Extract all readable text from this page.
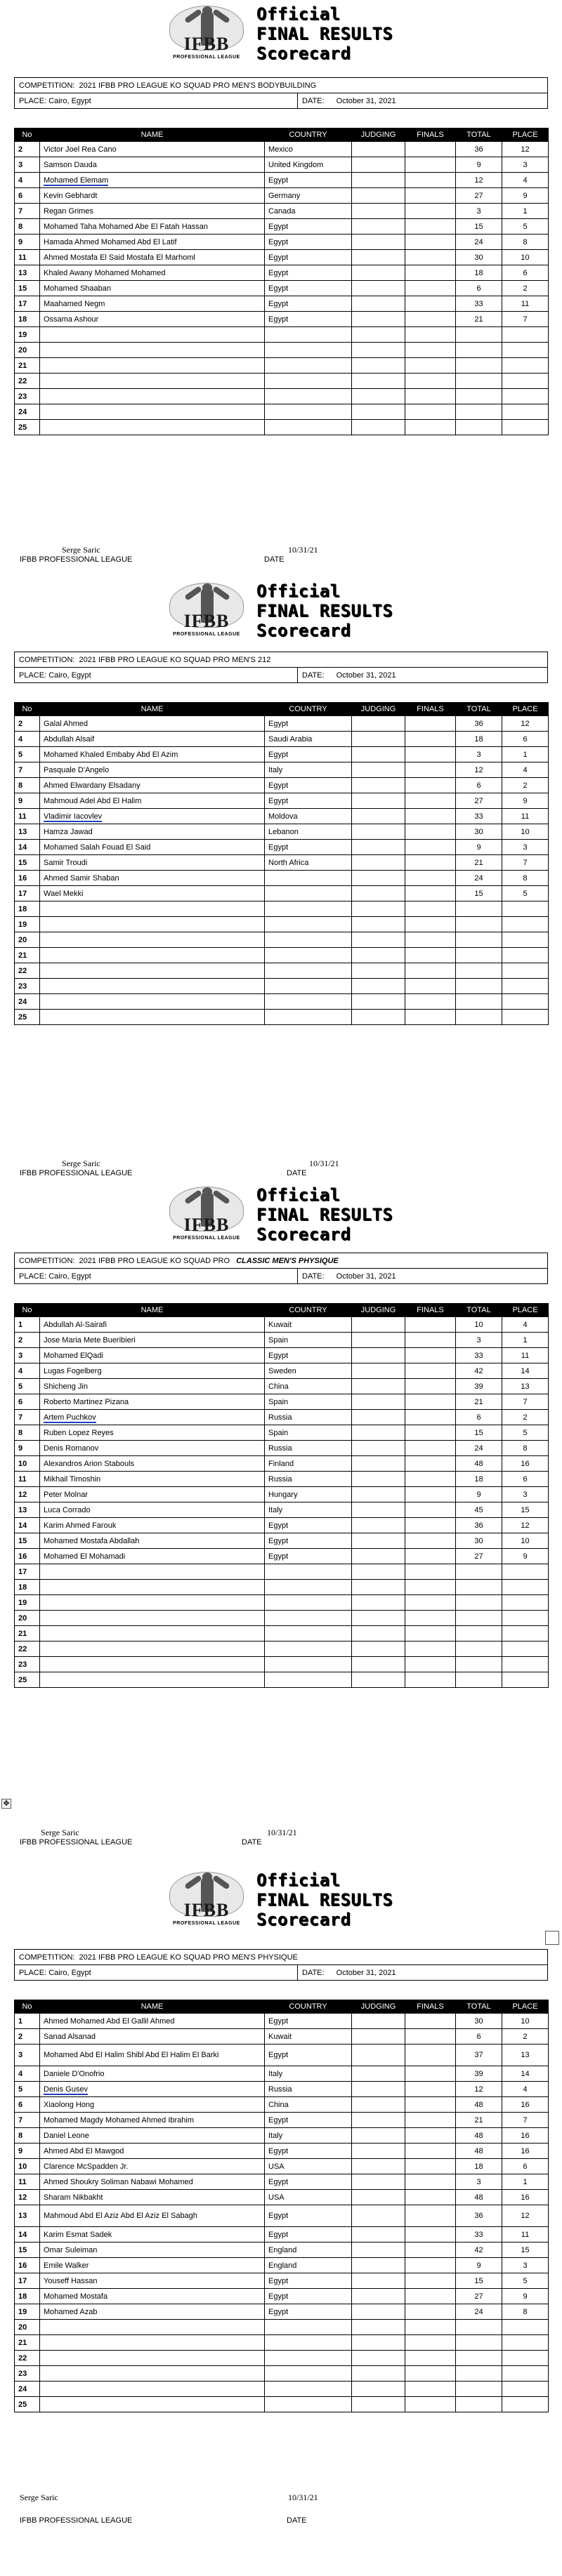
IFBB
PROFESSIONAL LEAGUE
Official
FINAL RESULTS
Scorecard
COMPETITION: 2021 IFBB PRO LEAGUE KO SQUAD PRO MEN'S BODYBUILDING
PLACE: Cairo, Egypt	DATE: October 31, 2021
No	NAME	COUNTRY	JUDGING	FINALS	TOTAL	PLACE
2	Victor Joel Rea Cano	Mexico			36	12
3	Samson Dauda	United Kingdom			9	3
4	Mohamed Elemam	Egypt			12	4
6	Kevin Gebhardt	Germany			27	9
7	Regan Grimes	Canada			3	1
8	Mohamed Taha Mohamed Abe El Fatah Hassan	Egypt			15	5
9	Hamada Ahmed Mohamed Abd El Latif	Egypt			24	8
11	Ahmed Mostafa El Said Mostafa El Marhoml	Egypt			30	10
13	Khaled Awany Mohamed Mohamed	Egypt			18	6
15	Mohamed Shaaban	Egypt			6	2
17	Maahamed Negm	Egypt			33	11
18	Ossama Ashour	Egypt			21	7
19						
20						
21						
22						
23						
24						
25						
Serge Saric	10/31/21
IFBB PROFESSIONAL LEAGUE	DATE
IFBB
PROFESSIONAL LEAGUE
Official
FINAL RESULTS
Scorecard
COMPETITION: 2021 IFBB PRO LEAGUE KO SQUAD PRO MEN'S 212
PLACE: Cairo, Egypt	DATE: October 31, 2021
No	NAME	COUNTRY	JUDGING	FINALS	TOTAL	PLACE
2	Galal Ahmed	Egypt			36	12
4	Abdullah Alsaif	Saudi Arabia			18	6
5	Mohamed Khaled Embaby Abd El Azim	Egypt			3	1
7	Pasquale D'Angelo	Italy			12	4
8	Ahmed Elwardany Elsadany	Egypt			6	2
9	Mahmoud Adel Abd El Halim	Egypt			27	9
11	Vladimir Iacovlev	Moldova			33	11
13	Hamza Jawad	Lebanon			30	10
14	Mohamed Salah Fouad El Said	Egypt			9	3
15	Samir Troudi	North Africa			21	7
16	Ahmed Samir Shaban				24	8
17	Wael Mekki				15	5
18						
19						
20						
21						
22						
23						
24						
25						
Serge Saric	10/31/21
IFBB PROFESSIONAL LEAGUE	DATE
IFBB
PROFESSIONAL LEAGUE
Official
FINAL RESULTS
Scorecard
COMPETITION: 2021 IFBB PRO LEAGUE KO SQUAD PRO CLASSIC MEN'S PHYSIQUE
PLACE: Cairo, Egypt	DATE: October 31, 2021
No	NAME	COUNTRY	JUDGING	FINALS	TOTAL	PLACE
1	Abdullah Al-Sairafi	Kuwait			10	4
2	Jose Maria Mete Bueribieri	Spain			3	1
3	Mohamed ElQadi	Egypt			33	11
4	Lugas Fogelberg	Sweden			42	14
5	Shicheng Jin	China			39	13
6	Roberto Martinez Pizana	Spain			21	7
7	Artem Puchkov	Russia			6	2
8	Ruben Lopez Reyes	Spain			15	5
9	Denis Romanov	Russia			24	8
10	Alexandros Arion Stabouls	Finland			48	16
11	Mikhail Timoshin	Russia			18	6
12	Peter Molnar	Hungary			9	3
13	Luca Corrado	Italy			45	15
14	Karim Ahmed Farouk	Egypt			36	12
15	Mohamed Mostafa Abdallah	Egypt			30	10
16	Mohamed El Mohamadi	Egypt			27	9
17						
18						
19						
20						
21						
22						
23						
25						
✥
Serge Saric	10/31/21
IFBB PROFESSIONAL LEAGUE	DATE
IFBB
PROFESSIONAL LEAGUE
Official
FINAL RESULTS
Scorecard
COMPETITION: 2021 IFBB PRO LEAGUE KO SQUAD PRO MEN'S PHYSIQUE
PLACE: Cairo, Egypt	DATE: October 31, 2021
No	NAME	COUNTRY	JUDGING	FINALS	TOTAL	PLACE
1	Ahmed Mohamed Abd El Gallil Ahmed	Egypt			30	10
2	Sanad Alsanad	Kuwait			6	2
3	Mohamed Abd El Halim Shibl Abd El Halim El Barki	Egypt			37	13
4	Daniele D'Onofrio	Italy			39	14
5	Denis Gusev	Russia			12	4
6	Xiaolong Hong	China			48	16
7	Mohamed Magdy Mohamed Ahmed Ibrahim	Egypt			21	7
8	Daniel Leone	Italy			48	16
9	Ahmed Abd El Mawgod	Egypt			48	16
10	Clarence McSpadden Jr.	USA			18	6
11	Ahmed Shoukry Soliman Nabawi Mohamed	Egypt			3	1
12	Sharam Nikbakht	USA			48	16
13	Mahmoud Abd El Aziz Abd El Aziz El Sabagh	Egypt			36	12
14	Karim Esmat Sadek	Egypt			33	11
15	Omar Suleiman	England			42	15
16	Emile Walker	England			9	3
17	Youseff Hassan	Egypt			15	5
18	Mohamed Mostafa	Egypt			27	9
19	Mohamed Azab	Egypt			24	8
20						
21						
22						
23						
24						
25						
Serge Saric	10/31/21
IFBB PROFESSIONAL LEAGUE	DATE
